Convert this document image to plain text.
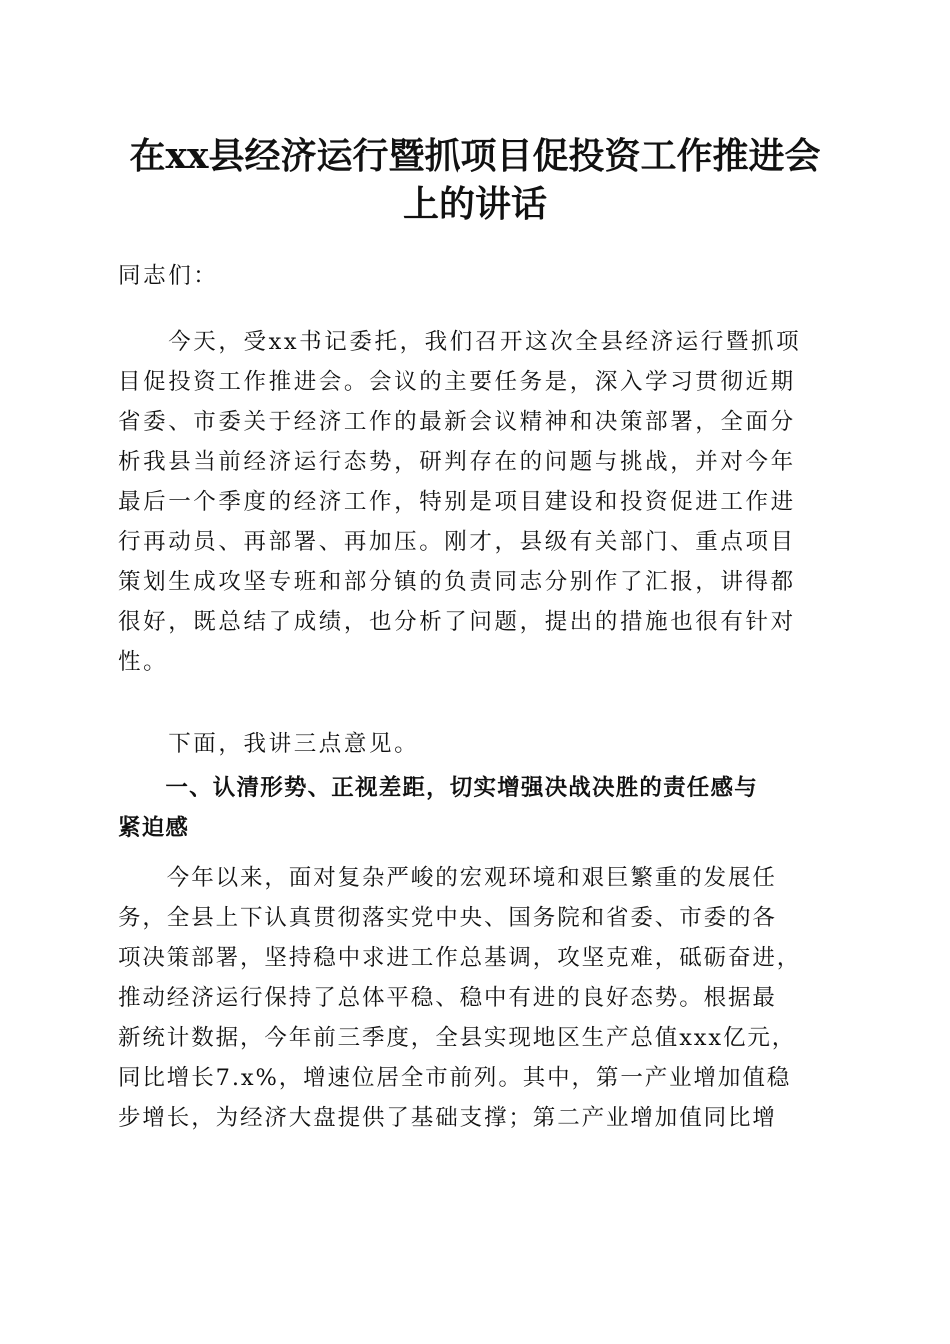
在xx县经济运行暨抓项目促投资工作推进会
上的讲话
同志们：
　　今天，受xx书记委托，我们召开这次全县经济运行暨抓项
目促投资工作推进会。会议的主要任务是，深入学习贯彻近期
省委、市委关于经济工作的最新会议精神和决策部署，全面分
析我县当前经济运行态势，研判存在的问题与挑战，并对今年
最后一个季度的经济工作，特别是项目建设和投资促进工作进
行再动员、再部署、再加压。刚才，县级有关部门、重点项目
策划生成攻坚专班和部分镇的负责同志分别作了汇报，讲得都
很好，既总结了成绩，也分析了问题，提出的措施也很有针对
性。
　　下面，我讲三点意见。
　　一、认清形势、正视差距，切实增强决战决胜的责任感与
紧迫感
　　今年以来，面对复杂严峻的宏观环境和艰巨繁重的发展任
务，全县上下认真贯彻落实党中央、国务院和省委、市委的各
项决策部署，坚持稳中求进工作总基调，攻坚克难，砥砺奋进，
推动经济运行保持了总体平稳、稳中有进的良好态势。根据最
新统计数据，今年前三季度，全县实现地区生产总值xxx亿元，
同比增长7.x%，增速位居全市前列。其中，第一产业增加值稳
步增长，为经济大盘提供了基础支撑；第二产业增加值同比增
